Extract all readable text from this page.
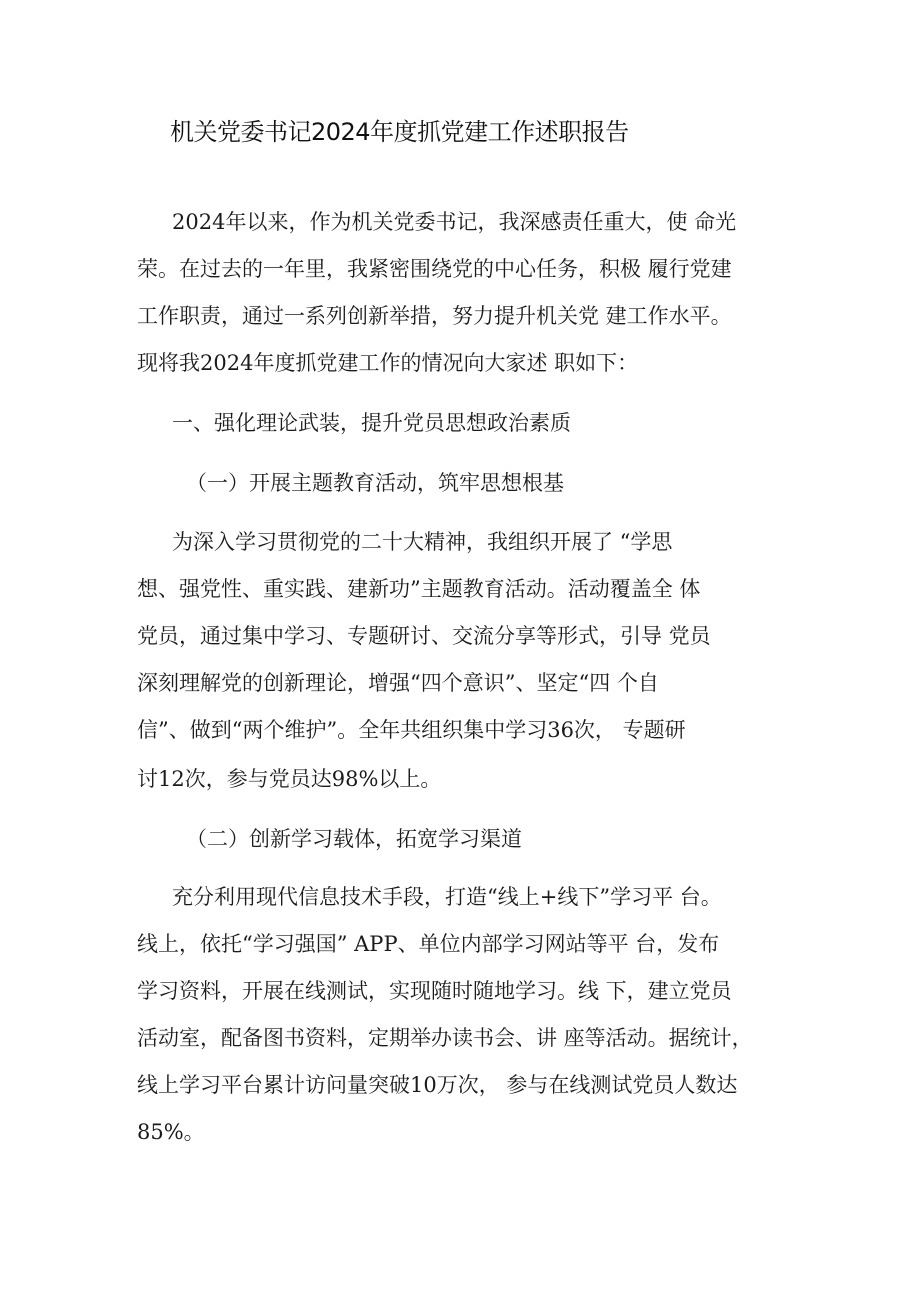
机关党委书记2024年度抓党建工作述职报告
2024年以来，作为机关党委书记，我深感责任重大，使 命光
荣。在过去的一年里，我紧密围绕党的中心任务，积极 履行党建
工作职责，通过一系列创新举措，努力提升机关党 建工作水平。
现将我2024年度抓党建工作的情况向大家述 职如下：
一、强化理论武装，提升党员思想政治素质
（一）开展主题教育活动，筑牢思想根基
为深入学习贯彻党的二十大精神，我组织开展了 “学思
想、强党性、重实践、建新功”主题教育活动。活动覆盖全 体
党员，通过集中学习、专题研讨、交流分享等形式，引导 党员
深刻理解党的创新理论，增强“四个意识”、坚定“四 个自
信”、做到“两个维护”。全年共组织集中学习36次， 专题研
讨12次，参与党员达98%以上。
（二）创新学习载体，拓宽学习渠道
充分利用现代信息技术手段，打造“线上+线下”学习平 台。
线上，依托“学习强国” APP、单位内部学习网站等平 台，发布
学习资料，开展在线测试，实现随时随地学习。线 下，建立党员
活动室，配备图书资料，定期举办读书会、讲 座等活动。据统计，
线上学习平台累计访问量突破10万次， 参与在线测试党员人数达
85%。
